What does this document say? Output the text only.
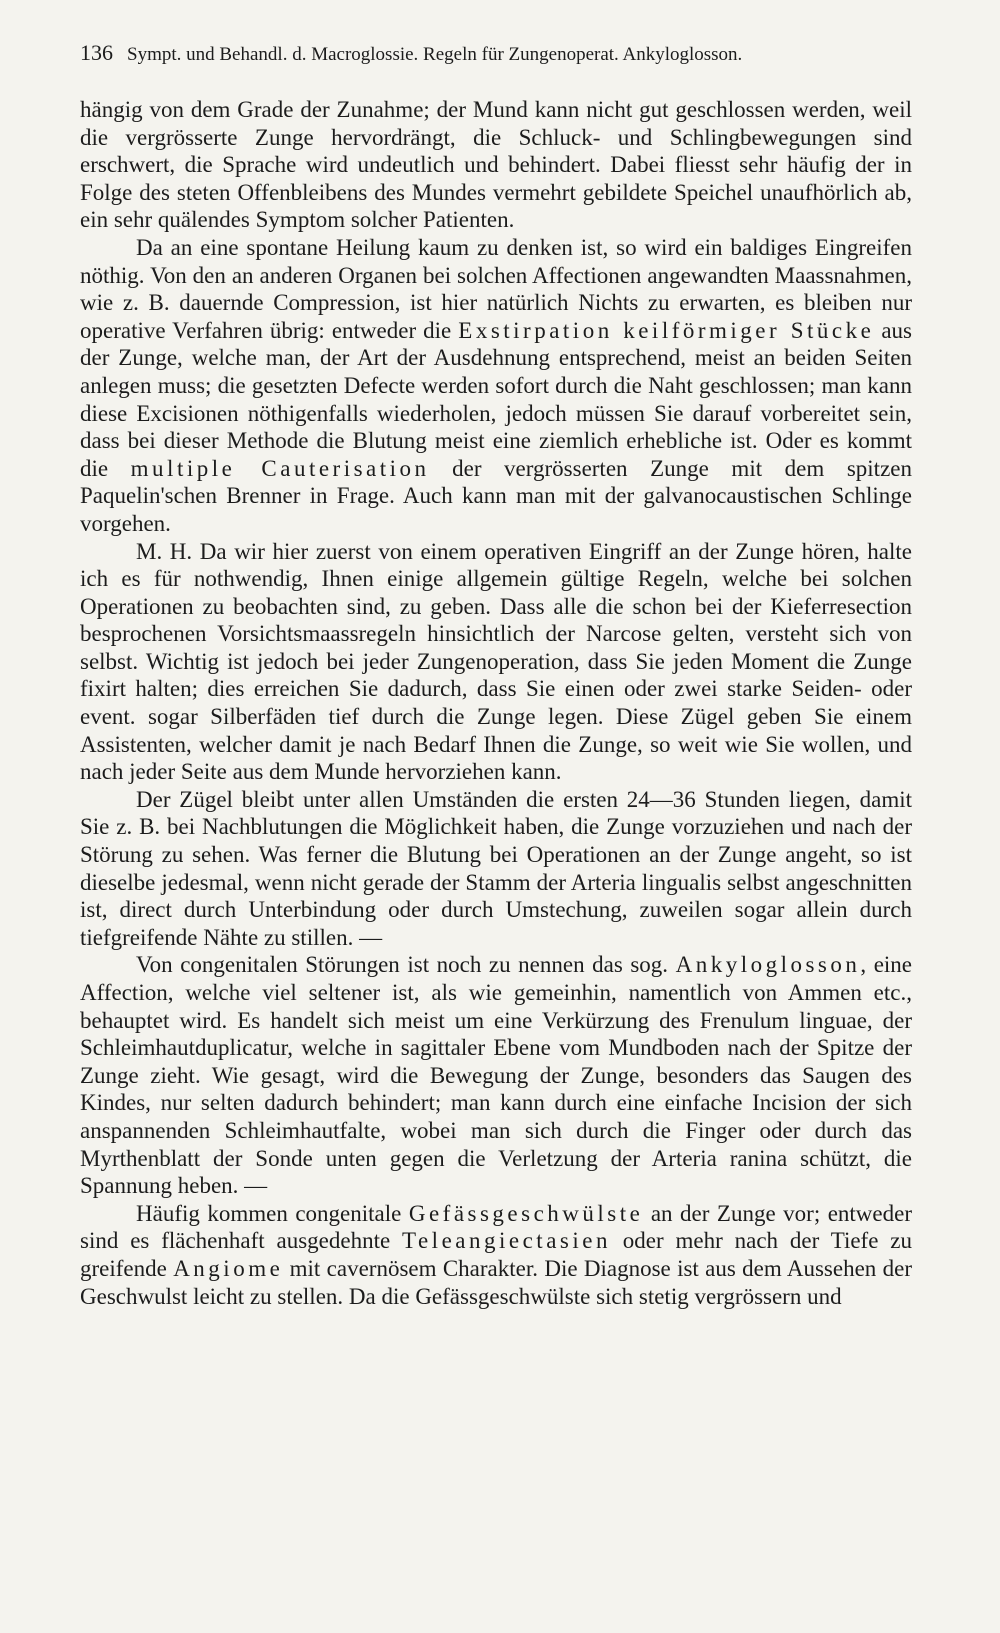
136 Sympt. und Behandl. d. Macroglossie. Regeln für Zungenoperat. Ankyloglosson.

hängig von dem Grade der Zunahme; der Mund kann nicht gut geschlossen werden, weil die vergrösserte Zunge hervordrängt, die Schluck- und Schlingbewegungen sind erschwert, die Sprache wird undeutlich und behindert. Dabei fliesst sehr häufig der in Folge des steten Offenbleibens des Mundes vermehrt gebildete Speichel unaufhörlich ab, ein sehr quälendes Symptom solcher Patienten.

Da an eine spontane Heilung kaum zu denken ist, so wird ein baldiges Eingreifen nöthig. Von den an anderen Organen bei solchen Affectionen angewandten Maassnahmen, wie z. B. dauernde Compression, ist hier natürlich Nichts zu erwarten, es bleiben nur operative Verfahren übrig: entweder die Exstirpation keilförmiger Stücke aus der Zunge, welche man, der Art der Ausdehnung entsprechend, meist an beiden Seiten anlegen muss; die gesetzten Defecte werden sofort durch die Naht geschlossen; man kann diese Excisionen nöthigenfalls wiederholen, jedoch müssen Sie darauf vorbereitet sein, dass bei dieser Methode die Blutung meist eine ziemlich erhebliche ist. Oder es kommt die multiple Cauterisation der vergrösserten Zunge mit dem spitzen Paquelin'schen Brenner in Frage. Auch kann man mit der galvanocaustischen Schlinge vorgehen.

M. H. Da wir hier zuerst von einem operativen Eingriff an der Zunge hören, halte ich es für nothwendig, Ihnen einige allgemein gültige Regeln, welche bei solchen Operationen zu beobachten sind, zu geben. Dass alle die schon bei der Kieferresection besprochenen Vorsichtsmaassregeln hinsichtlich der Narcose gelten, versteht sich von selbst. Wichtig ist jedoch bei jeder Zungenoperation, dass Sie jeden Moment die Zunge fixirt halten; dies erreichen Sie dadurch, dass Sie einen oder zwei starke Seiden- oder event. sogar Silberfäden tief durch die Zunge legen. Diese Zügel geben Sie einem Assistenten, welcher damit je nach Bedarf Ihnen die Zunge, so weit wie Sie wollen, und nach jeder Seite aus dem Munde hervorziehen kann.

Der Zügel bleibt unter allen Umständen die ersten 24—36 Stunden liegen, damit Sie z. B. bei Nachblutungen die Möglichkeit haben, die Zunge vorzuziehen und nach der Störung zu sehen. Was ferner die Blutung bei Operationen an der Zunge angeht, so ist dieselbe jedesmal, wenn nicht gerade der Stamm der Arteria lingualis selbst angeschnitten ist, direct durch Unterbindung oder durch Umstechung, zuweilen sogar allein durch tiefgreifende Nähte zu stillen. —

Von congenitalen Störungen ist noch zu nennen das sog. Ankyloglosson, eine Affection, welche viel seltener ist, als wie gemeinhin, namentlich von Ammen etc., behauptet wird. Es handelt sich meist um eine Verkürzung des Frenulum linguae, der Schleimhautduplicatur, welche in sagittaler Ebene vom Mundboden nach der Spitze der Zunge zieht. Wie gesagt, wird die Bewegung der Zunge, besonders das Saugen des Kindes, nur selten dadurch behindert; man kann durch eine einfache Incision der sich anspannenden Schleimhautfalte, wobei man sich durch die Finger oder durch das Myrthenblatt der Sonde unten gegen die Verletzung der Arteria ranina schützt, die Spannung heben. —

Häufig kommen congenitale Gefässgeschwülste an der Zunge vor; entweder sind es flächenhaft ausgedehnte Teleangiectasien oder mehr nach der Tiefe zu greifende Angiome mit cavernösem Charakter. Die Diagnose ist aus dem Aussehen der Geschwulst leicht zu stellen. Da die Gefässgeschwülste sich stetig vergrössern und
